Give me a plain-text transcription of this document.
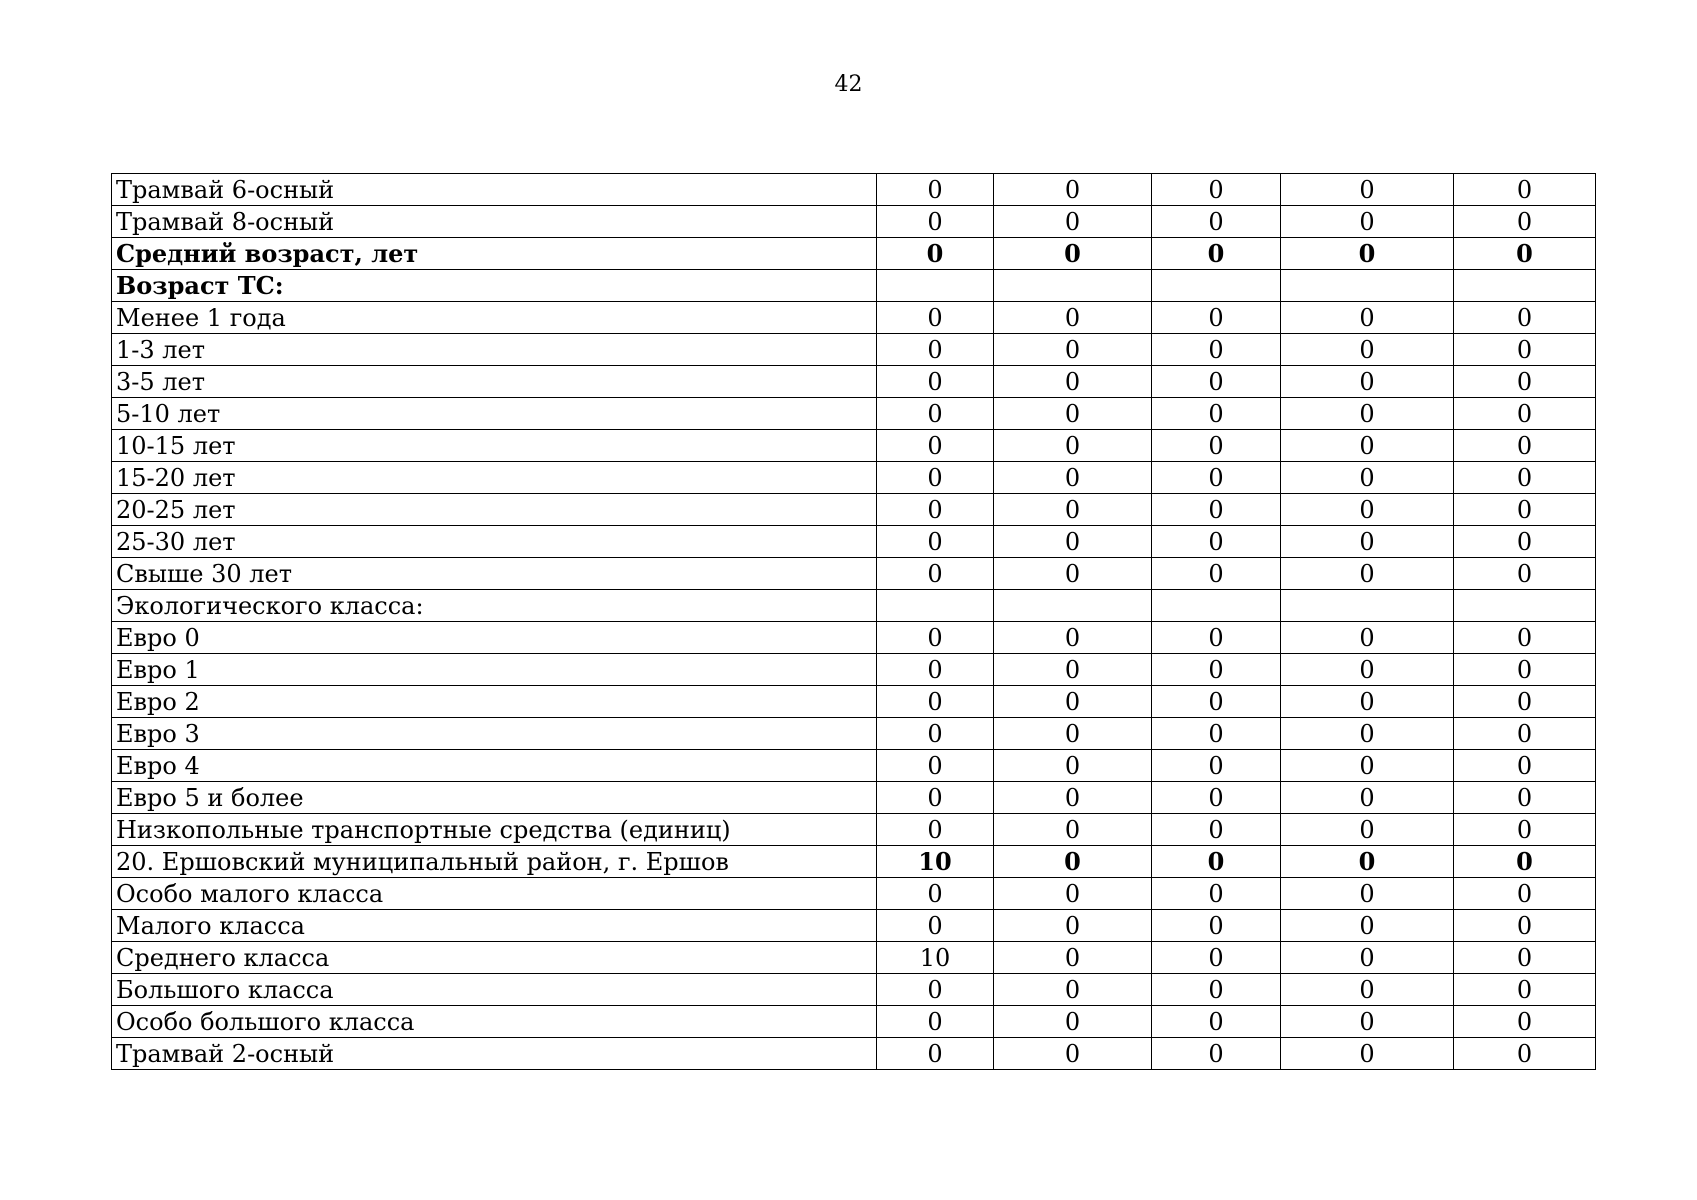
42
Трамвай 6-осный	0	0	0	0	0
Трамвай 8-осный	0	0	0	0	0
Средний возраст, лет	0	0	0	0	0
Возраст ТС:					
Менее 1 года	0	0	0	0	0
1-3 лет	0	0	0	0	0
3-5 лет	0	0	0	0	0
5-10 лет	0	0	0	0	0
10-15 лет	0	0	0	0	0
15-20 лет	0	0	0	0	0
20-25 лет	0	0	0	0	0
25-30 лет	0	0	0	0	0
Свыше 30 лет	0	0	0	0	0
Экологического класса:					
Евро 0	0	0	0	0	0
Евро 1	0	0	0	0	0
Евро 2	0	0	0	0	0
Евро 3	0	0	0	0	0
Евро 4	0	0	0	0	0
Евро 5 и более	0	0	0	0	0
Низкопольные транспортные средства (единиц)	0	0	0	0	0
20. Ершовский муниципальный район, г. Ершов	10	0	0	0	0
Особо малого класса	0	0	0	0	0
Малого класса	0	0	0	0	0
Среднего класса	10	0	0	0	0
Большого класса	0	0	0	0	0
Особо большого класса	0	0	0	0	0
Трамвай 2-осный	0	0	0	0	0
